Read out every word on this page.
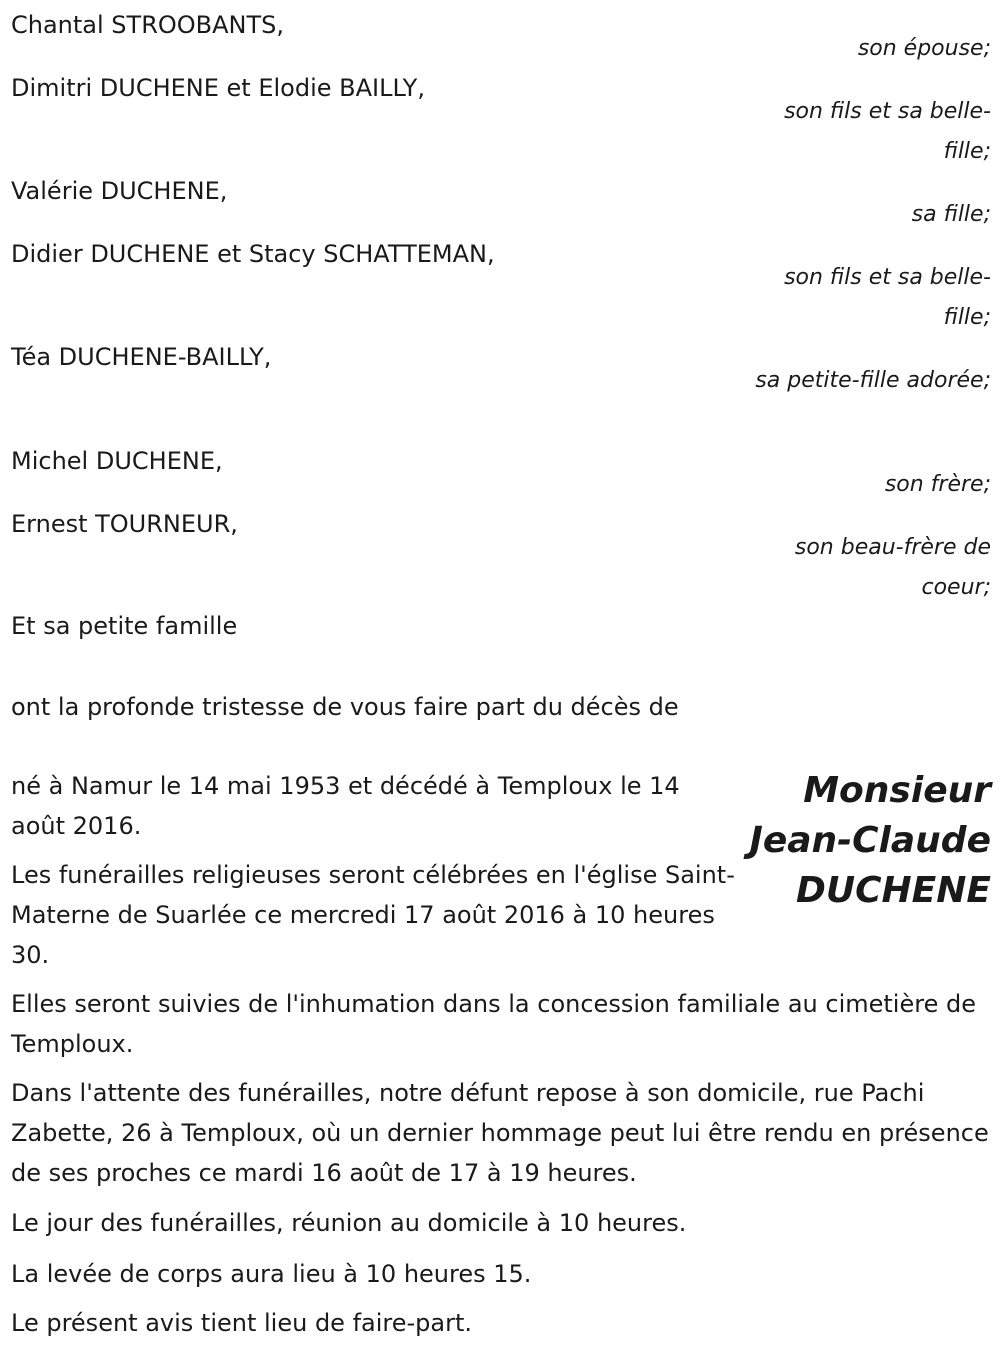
Chantal STROOBANTS,
son épouse;
Dimitri DUCHENE et Elodie BAILLY,
son fils et sa belle-fille;
Valérie DUCHENE,
sa fille;
Didier DUCHENE et Stacy SCHATTEMAN,
son fils et sa belle-fille;
Téa DUCHENE-BAILLY,
sa petite-fille adorée;
Michel DUCHENE,
son frère;
Ernest TOURNEUR,
son beau-frère de coeur;

Et sa petite famille

ont la profonde tristesse de vous faire part du décès de

Monsieur
Jean-Claude
DUCHENE

né à Namur le 14 mai 1953 et décédé à Temploux le 14 août 2016.

Les funérailles religieuses seront célébrées en l'église Saint-Materne de Suarlée ce mercredi 17 août 2016 à 10 heures 30.

Elles seront suivies de l'inhumation dans la concession familiale au cimetière de Temploux.

Dans l'attente des funérailles, notre défunt repose à son domicile, rue Pachi Zabette, 26 à Temploux, où un dernier hommage peut lui être rendu en présence de ses proches ce mardi 16 août de 17 à 19 heures.

Le jour des funérailles, réunion au domicile à 10 heures.

La levée de corps aura lieu à 10 heures 15.

Le présent avis tient lieu de faire-part.
